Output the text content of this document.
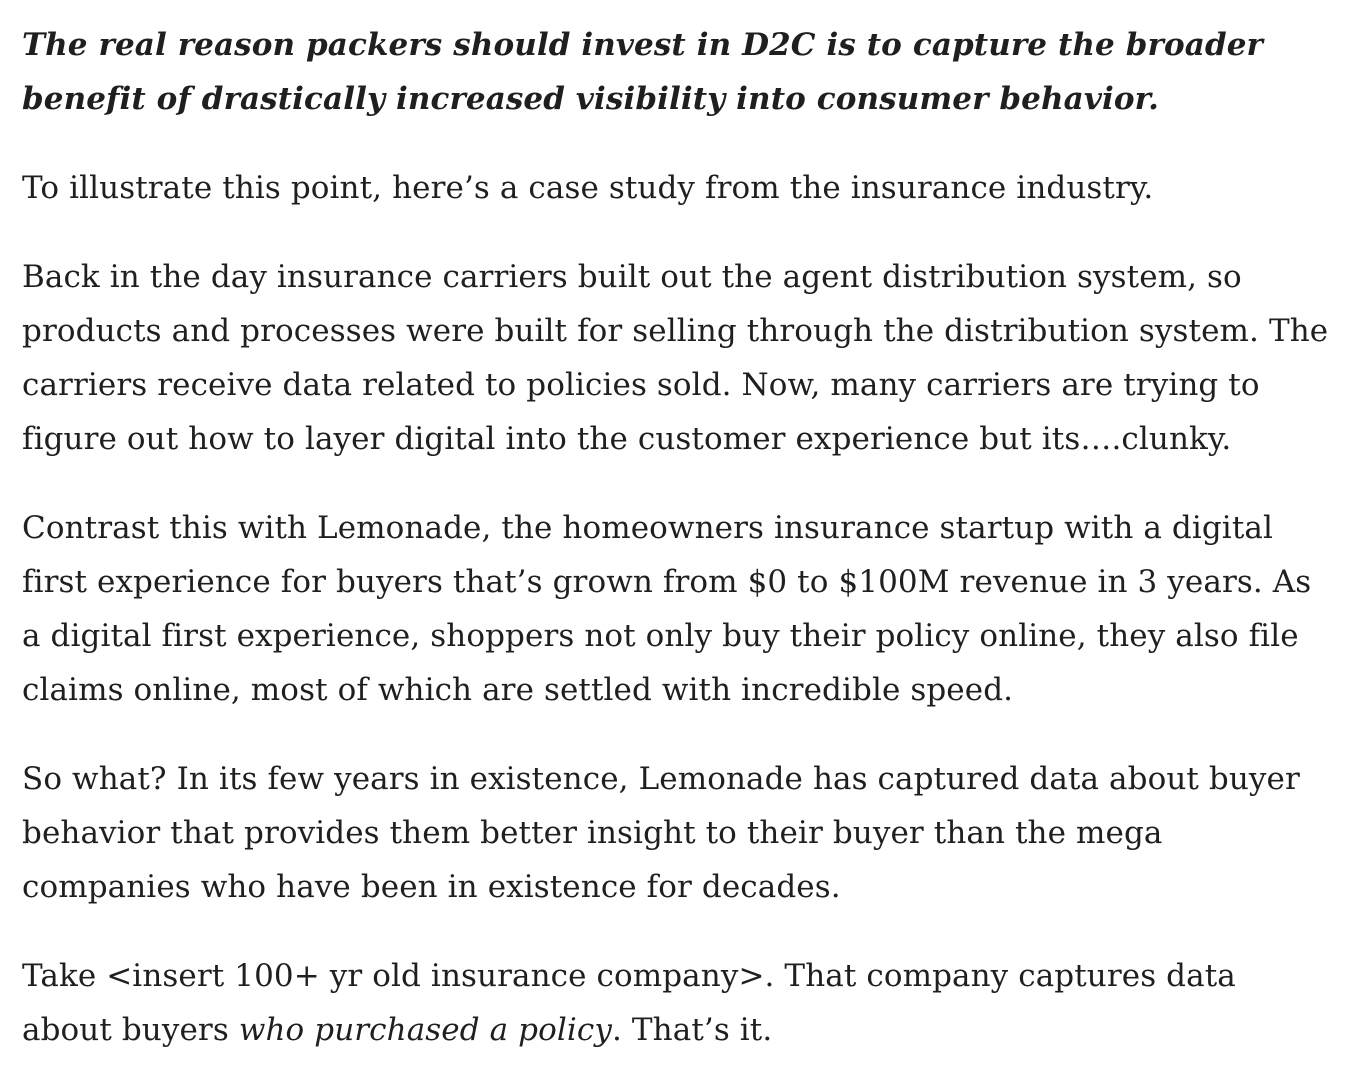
The real reason packers should invest in D2C is to capture the broader benefit of drastically increased visibility into consumer behavior.

To illustrate this point, here’s a case study from the insurance industry.

Back in the day insurance carriers built out the agent distribution system, so products and processes were built for selling through the distribution system. The carriers receive data related to policies sold. Now, many carriers are trying to figure out how to layer digital into the customer experience but its….clunky.

Contrast this with Lemonade, the homeowners insurance startup with a digital first experience for buyers that’s grown from $0 to $100M revenue in 3 years. As a digital first experience, shoppers not only buy their policy online, they also file claims online, most of which are settled with incredible speed.

So what? In its few years in existence, Lemonade has captured data about buyer behavior that provides them better insight to their buyer than the mega companies who have been in existence for decades.

Take <insert 100+ yr old insurance company>. That company captures data about buyers who purchased a policy. That’s it.
